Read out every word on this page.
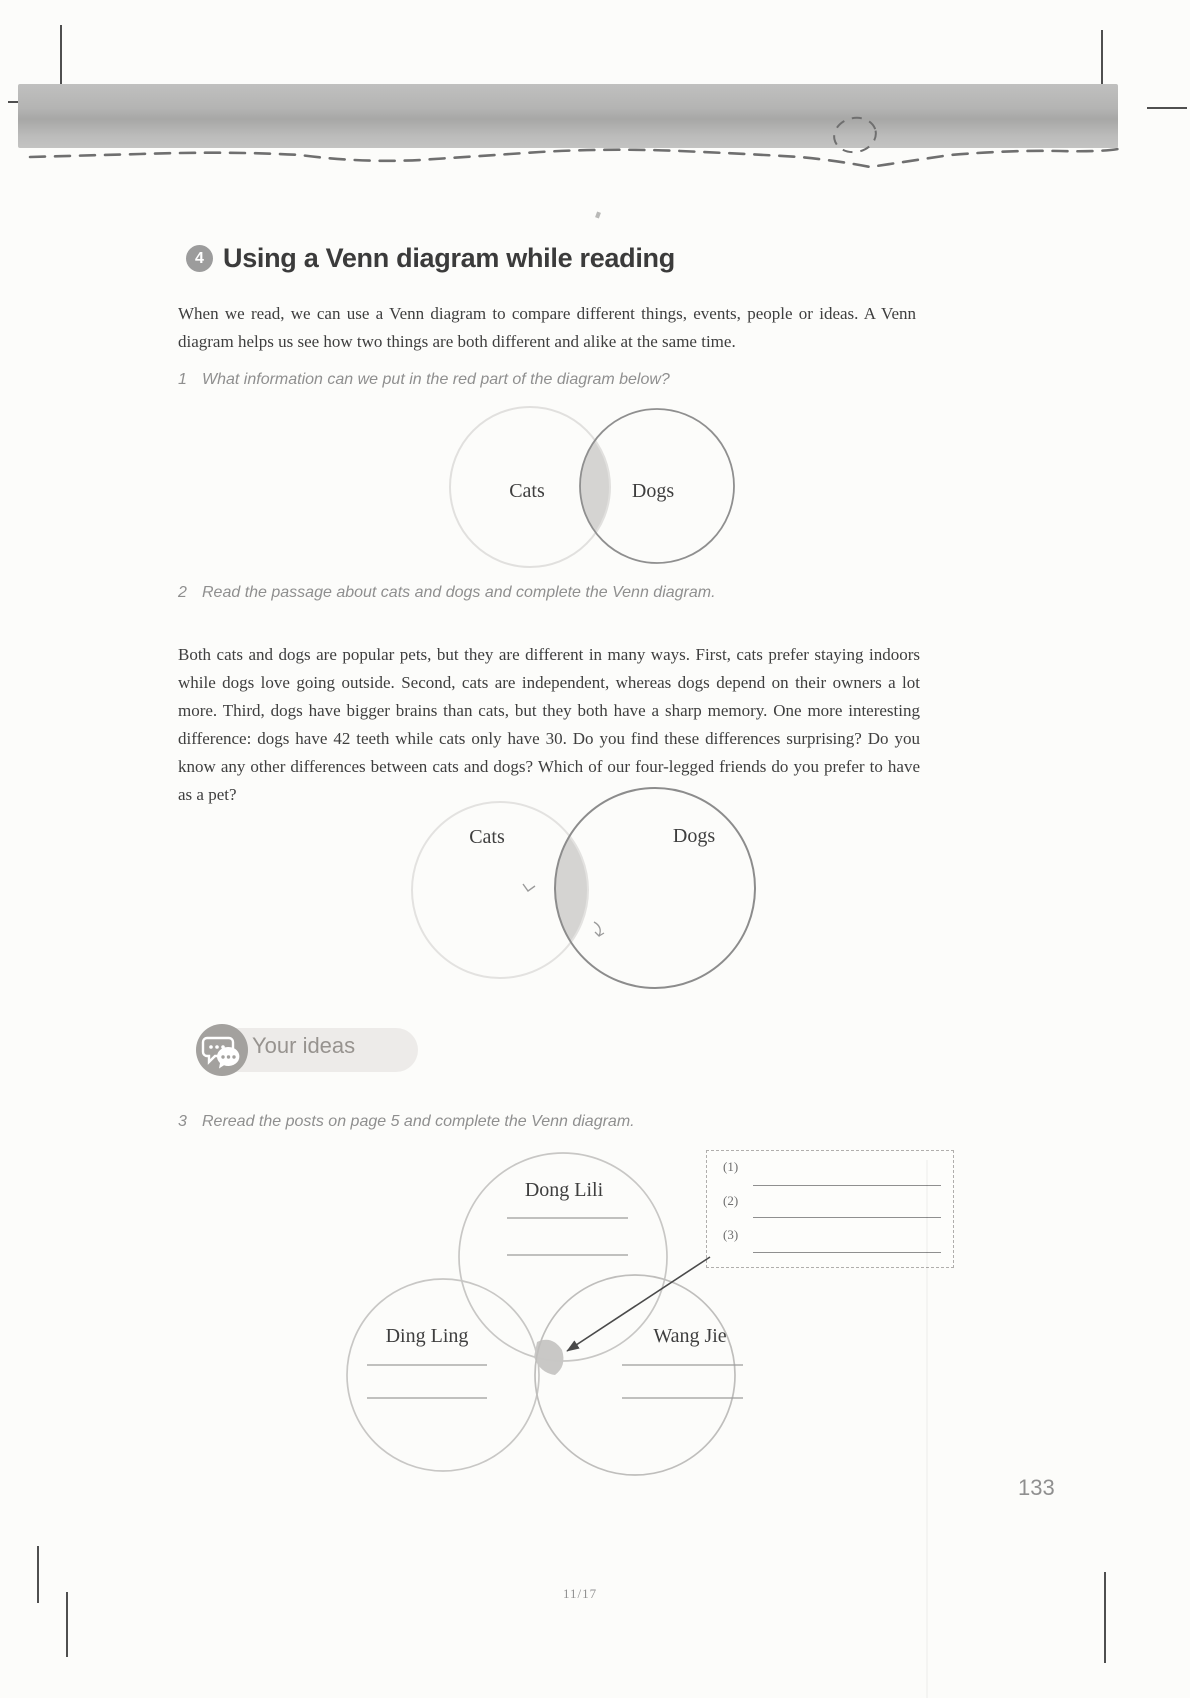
4 Using a Venn diagram while reading

When we read, we can use a Venn diagram to compare different things, events, people or ideas. A Venn diagram helps us see how two things are both different and alike at the same time.

1 What information can we put in the red part of the diagram below?
Cats	Dogs
2 Read the passage about cats and dogs and complete the Venn diagram.

Both cats and dogs are popular pets, but they are different in many ways. First, cats prefer staying indoors while dogs love going outside. Second, cats are independent, whereas dogs depend on their owners a lot more. Third, dogs have bigger brains than cats, but they both have a sharp memory. One more interesting difference: dogs have 42 teeth while cats only have 30. Do you find these differences surprising? Do you know any other differences between cats and dogs? Which of our four-legged friends do you prefer to have as a pet?

Cats	Dogs
Your ideas
3 Reread the posts on page 5 and complete the Venn diagram.
Dong Lili
Ding Ling	Wang Jie
(1)
(2)
(3)
133
11/17
